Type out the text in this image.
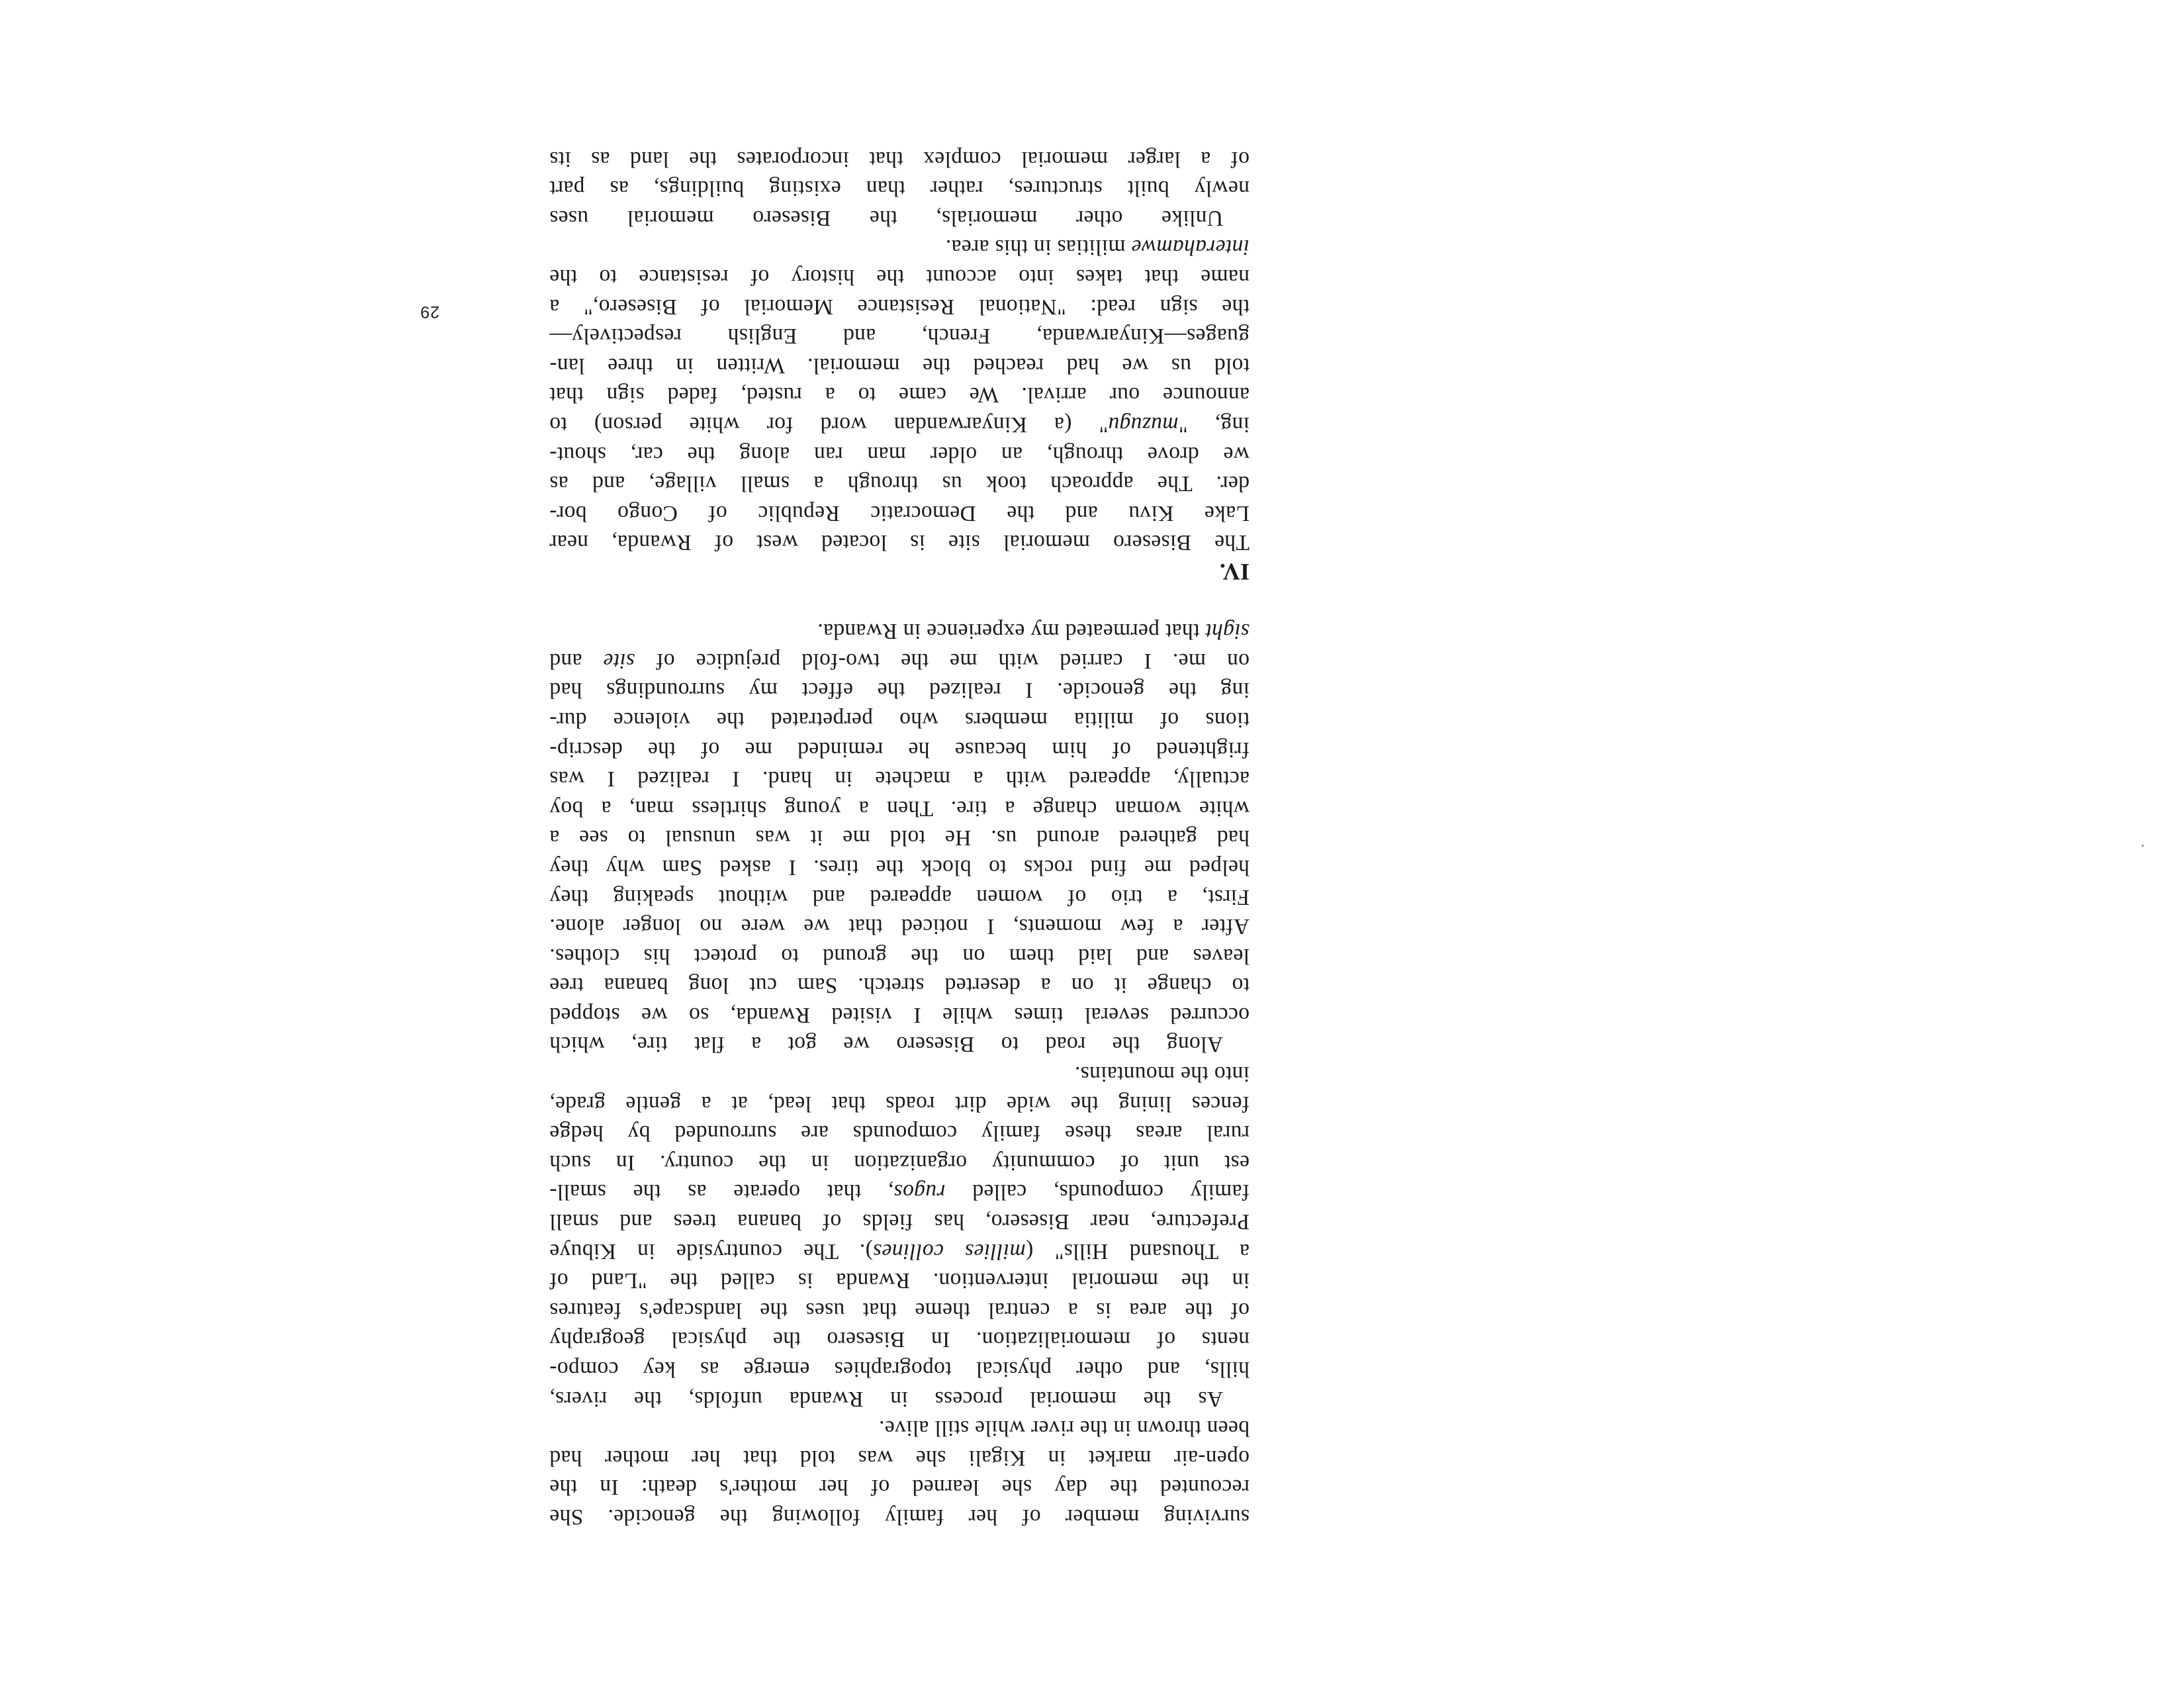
surviving member of her family following the genocide. She
recounted the day she learned of her mother's death: In the
open-air market in Kigali she was told that her mother had
been thrown in the river while still alive.
As the memorial process in Rwanda unfolds, the rivers,
hills, and other physical topographies emerge as key compo-
nents of memorialization. In Bisesero the physical geography
of the area is a central theme that uses the landscape's features
in the memorial intervention. Rwanda is called the "Land of
a Thousand Hills" (millies collines). The countryside in Kibuye
Prefecture, near Bisesero, has fields of banana trees and small
family compounds, called rugos, that operate as the small-
est unit of community organization in the country. In such
rural areas these family compounds are surrounded by hedge
fences lining the wide dirt roads that lead, at a gentle grade,
into the mountains.
Along the road to Bisesero we got a flat tire, which
occurred several times while I visited Rwanda, so we stopped
to change it on a deserted stretch. Sam cut long banana tree
leaves and laid them on the ground to protect his clothes.
After a few moments, I noticed that we were no longer alone.
First, a trio of women appeared and without speaking they
helped me find rocks to block the tires. I asked Sam why they
had gathered around us. He told me it was unusual to see a
white woman change a tire. Then a young shirtless man, a boy
actually, appeared with a machete in hand. I realized I was
frightened of him because he reminded me of the descrip-
tions of militia members who perpetrated the violence dur-
ing the genocide. I realized the effect my surroundings had
on me. I carried with me the two-fold prejudice of site and
sight that permeated my experience in Rwanda.
IV.
The Bisesero memorial site is located west of Rwanda, near
Lake Kivu and the Democratic Republic of Congo bor-
der. The approach took us through a small village, and as
we drove through, an older man ran along the car, shout-
ing, "muzugu" (a Kinyarwandan word for white person) to
announce our arrival. We came to a rusted, faded sign that
told us we had reached the memorial. Written in three lan-
guages—Kinyarwanda, French, and English respectively—
the sign read: "National Resistance Memorial of Bisesero," a
name that takes into account the history of resistance to the
interahamwe militias in this area.
Unlike other memorials, the Bisesero memorial uses
newly built structures, rather than existing buildings, as part
of a larger memorial complex that incorporates the land as its
29
